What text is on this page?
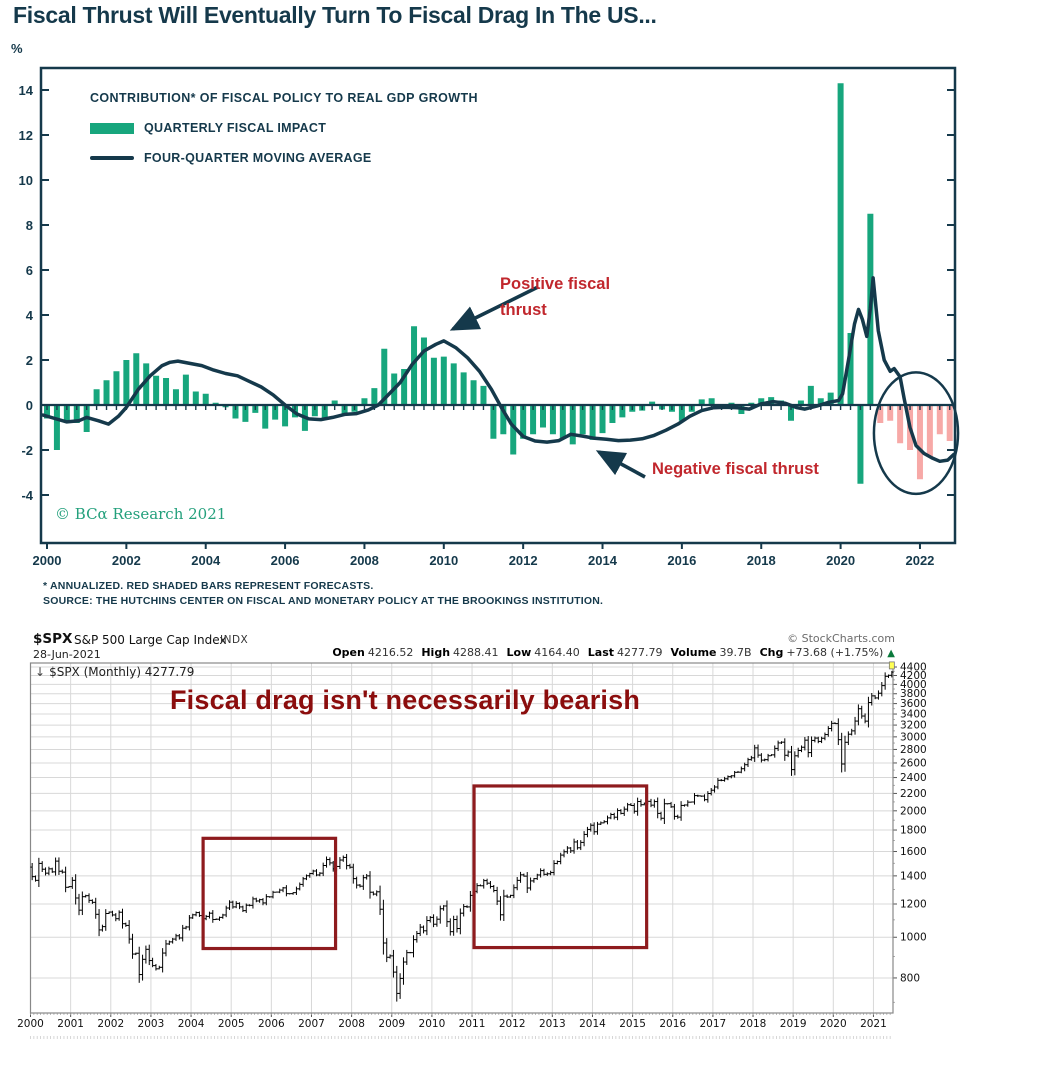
-4
-2
0
2
4
6
8
10
12
14
2000	2002	2004	2006	2008	2010	2012	2014	2016	2018	2020	2022
800
1000
1200
1400
1600
1800
2000
2200
2400
2600
2800
3000
3200
3400
3600
3800
4000
4200
4400
2000 2001 2002 2003 2004 2005 2006 2007 2008 2009 2010 2011 2012 2013 2014 2015 2016 2017 2018 2019 2020 2021
Fiscal Thrust Will Eventually Turn To Fiscal Drag In The US...
%
CONTRIBUTION* OF FISCAL POLICY TO REAL GDP GROWTH
QUARTERLY FISCAL IMPACT
FOUR-QUARTER MOVING AVERAGE
Positive fiscal thrust
Negative fiscal thrust
© BCα Research 2021
* ANNUALIZED. RED SHADED BARS REPRESENT FORECASTS.
SOURCE: THE HUTCHINS CENTER ON FISCAL AND MONETARY POLICY AT THE BROOKINGS INSTITUTION.
$SPX S&P 500 Large Cap Index
INDX	© StockCharts.com
28-Jun-2021	Open 4216.52 High 4288.41 Low 4164.40 Last 4277.79 Volume 39.7B Chg +73.68 (+1.75%) ▲
↓ $SPX (Monthly) 4277.79
Fiscal drag isn't necessarily bearish
